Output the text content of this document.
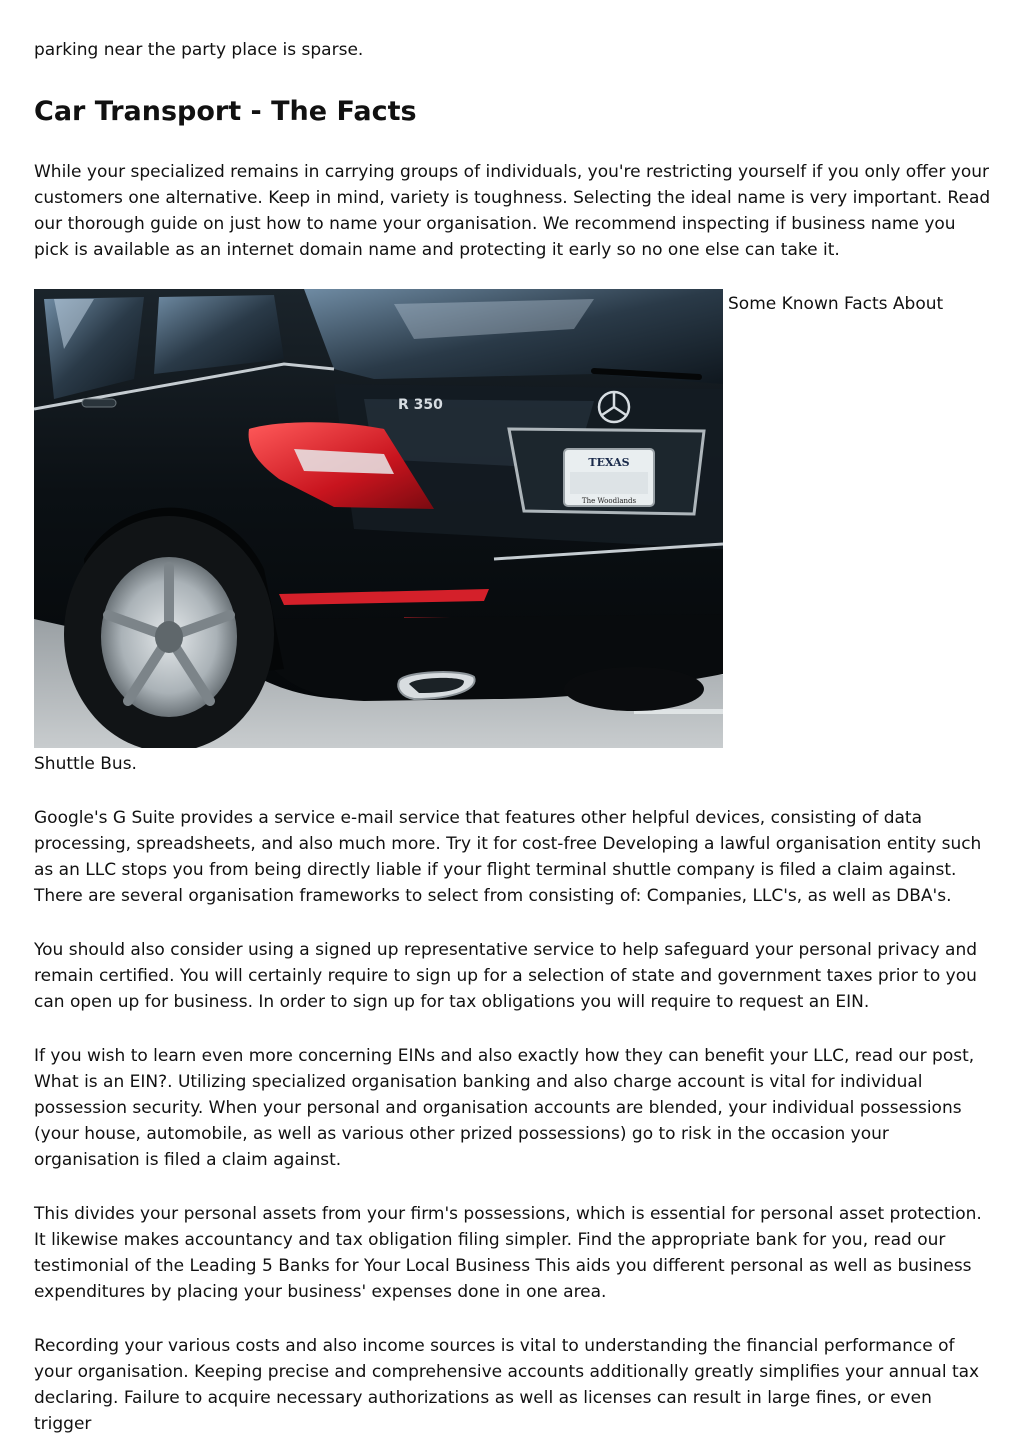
parking near the party place is sparse.

Car Transport - The Facts

While your specialized remains in carrying groups of individuals, you're restricting yourself if you only offer your customers one alternative. Keep in mind, variety is toughness. Selecting the ideal name is very important. Read our thorough guide on just how to name your organisation. We recommend inspecting if business name you pick is available as an internet domain name and protecting it early so no one else can take it.

R 350
TEXAS
The Woodlands
Some Known Facts About
Shuttle Bus.

Google's G Suite provides a service e-mail service that features other helpful devices, consisting of data processing, spreadsheets, and also much more. Try it for cost-free Developing a lawful organisation entity such as an LLC stops you from being directly liable if your flight terminal shuttle company is filed a claim against. There are several organisation frameworks to select from consisting of: Companies, LLC's, as well as DBA's.

You should also consider using a signed up representative service to help safeguard your personal privacy and remain certified. You will certainly require to sign up for a selection of state and government taxes prior to you can open up for business. In order to sign up for tax obligations you will require to request an EIN.

If you wish to learn even more concerning EINs and also exactly how they can benefit your LLC, read our post, What is an EIN?. Utilizing specialized organisation banking and also charge account is vital for individual possession security. When your personal and organisation accounts are blended, your individual possessions (your house, automobile, as well as various other prized possessions) go to risk in the occasion your organisation is filed a claim against.

This divides your personal assets from your firm's possessions, which is essential for personal asset protection. It likewise makes accountancy and tax obligation filing simpler. Find the appropriate bank for you, read our testimonial of the Leading 5 Banks for Your Local Business This aids you different personal as well as business expenditures by placing your business' expenses done in one area.

Recording your various costs and also income sources is vital to understanding the financial performance of your organisation. Keeping precise and comprehensive accounts additionally greatly simplifies your annual tax declaring. Failure to acquire necessary authorizations as well as licenses can result in large fines, or even trigger
